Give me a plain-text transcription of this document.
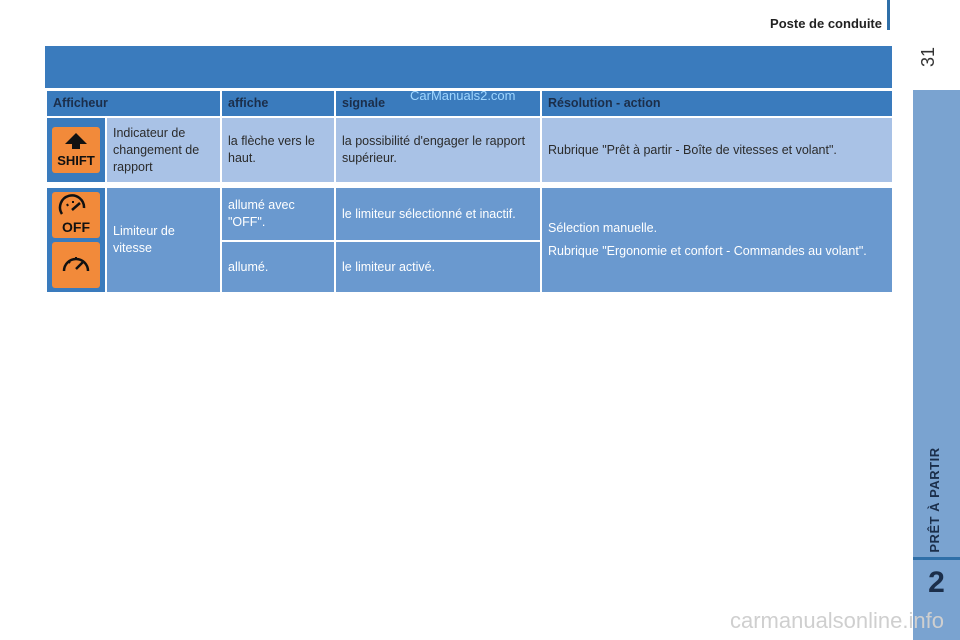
Poste de conduite
31
PRÊT À PARTIR
2
Afficheur		affiche	signale	Résolution - action

SHIFT	Indicateur de changement de rapport	la flèche vers le haut.	la possibilité d'engager le rapport supérieur.	Rubrique "Prêt à partir - Boîte de vitesses et volant".

OFF	Limiteur de vitesse	allumé avec "OFF".	le limiteur sélectionné et inactif.	Sélection manuelle.

Rubrique "Ergonomie et confort - Commandes au volant".

		allumé.	le limiteur activé.	
CarManuals2.com
carmanualsonline.info
